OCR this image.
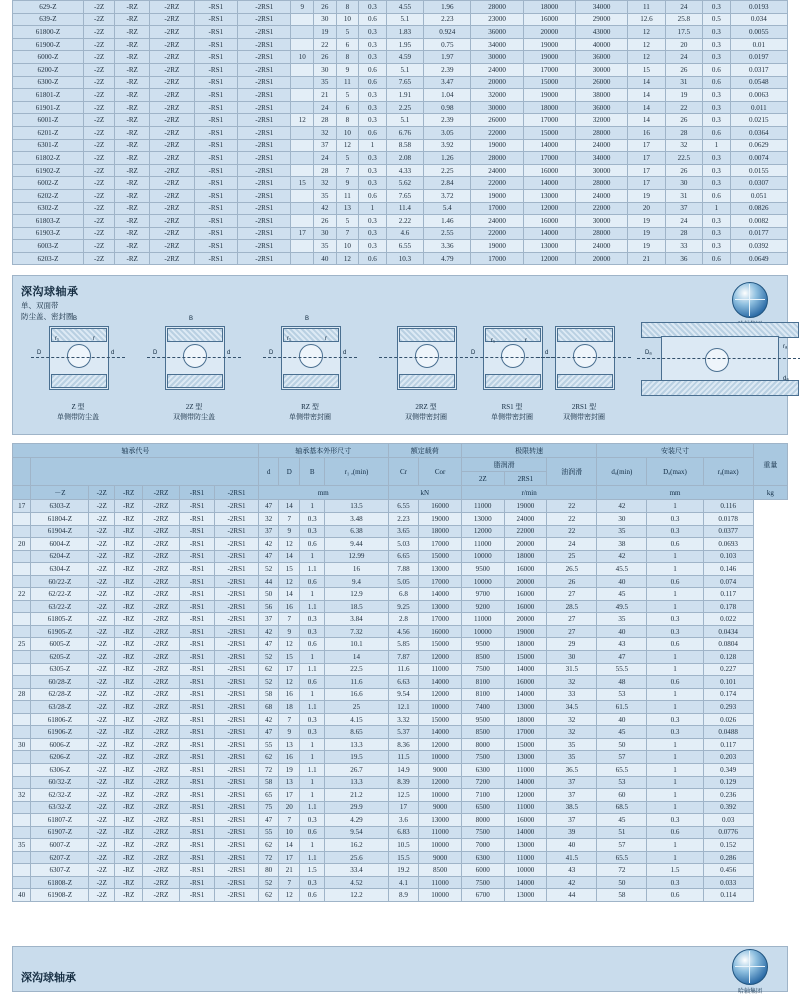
629-Z	-2Z	-RZ	-2RZ	-RS1	-2RS1	9	26	8	0.3	4.55	1.96	28000	18000	34000	11	24	0.3	0.0193
639-Z	-2Z	-RZ	-2RZ	-RS1	-2RS1		30	10	0.6	5.1	2.23	23000	16000	29000	12.6	25.8	0.5	0.034
61800-Z	-2Z	-RZ	-2RZ	-RS1	-2RS1		19	5	0.3	1.83	0.924	36000	20000	43000	12	17.5	0.3	0.0055
61900-Z	-2Z	-RZ	-2RZ	-RS1	-2RS1		22	6	0.3	1.95	0.75	34000	19000	40000	12	20	0.3	0.01
6000-Z	-2Z	-RZ	-2RZ	-RS1	-2RS1	10	26	8	0.3	4.59	1.97	30000	19000	36000	12	24	0.3	0.0197
6200-Z	-2Z	-RZ	-2RZ	-RS1	-2RS1		30	9	0.6	5.1	2.39	24000	17000	30000	15	26	0.6	0.0317
6300-Z	-2Z	-RZ	-2RZ	-RS1	-2RS1		35	11	0.6	7.65	3.47	20000	15000	26000	14	31	0.6	0.0548
61801-Z	-2Z	-RZ	-2RZ	-RS1	-2RS1		21	5	0.3	1.91	1.04	32000	19000	38000	14	19	0.3	0.0063
61901-Z	-2Z	-RZ	-2RZ	-RS1	-2RS1		24	6	0.3	2.25	0.98	30000	18000	36000	14	22	0.3	0.011
6001-Z	-2Z	-RZ	-2RZ	-RS1	-2RS1	12	28	8	0.3	5.1	2.39	26000	17000	32000	14	26	0.3	0.0215
6201-Z	-2Z	-RZ	-2RZ	-RS1	-2RS1		32	10	0.6	6.76	3.05	22000	15000	28000	16	28	0.6	0.0364
6301-Z	-2Z	-RZ	-2RZ	-RS1	-2RS1		37	12	1	8.58	3.92	19000	14000	24000	17	32	1	0.0629
61802-Z	-2Z	-RZ	-2RZ	-RS1	-2RS1		24	5	0.3	2.08	1.26	28000	17000	34000	17	22.5	0.3	0.0074
61902-Z	-2Z	-RZ	-2RZ	-RS1	-2RS1		28	7	0.3	4.33	2.25	24000	16000	30000	17	26	0.3	0.0155
6002-Z	-2Z	-RZ	-2RZ	-RS1	-2RS1	15	32	9	0.3	5.62	2.84	22000	14000	28000	17	30	0.3	0.0307
6202-Z	-2Z	-RZ	-2RZ	-RS1	-2RS1		35	11	0.6	7.65	3.72	19000	13000	24000	19	31	0.6	0.051
6302-Z	-2Z	-RZ	-2RZ	-RS1	-2RS1		42	13	1	11.4	5.4	17000	12000	22000	20	37	1	0.0826
61803-Z	-2Z	-RZ	-2RZ	-RS1	-2RS1		26	5	0.3	2.22	1.46	24000	16000	30000	19	24	0.3	0.0082
61903-Z	-2Z	-RZ	-2RZ	-RS1	-2RS1	17	30	7	0.3	4.6	2.55	22000	14000	28000	19	28	0.3	0.0177
6003-Z	-2Z	-RZ	-2RZ	-RS1	-2RS1		35	10	0.3	6.55	3.36	19000	13000	24000	19	33	0.3	0.0392
6203-Z	-2Z	-RZ	-2RZ	-RS1	-2RS1		40	12	0.6	10.3	4.79	17000	12000	20000	21	36	0.6	0.0649
深沟球轴承
单、双面带
防尘盖、密封圈 B
D	d
r₁	r
Z 型
单侧带防尘盖
B
D	d
2Z 型
双侧带防尘盖
B
D	d
r₁	r
RZ 型
单侧带密封圈
2RZ 型
双侧带密封圈
D	d
r₁	r
RS1 型
单侧带密封圈
2RS1 型
双侧带密封圈
Dₐ
rₐ
dₐ
轴承代号							轴承基本外形尺寸				额定载荷		极限转速			安装尺寸			重量
							d	D	B	r₁ ,(min)	Cr	Cor	脂润滑		油润滑	dₐ(min)	Dₐ(max)	rₐ(max)	
													2Z	2RS1					
	－Z	-2Z	-RZ	-2RZ	-RS1	-2RS1	mm				kN		r/min			mm			kg
17	6303-Z	-2Z	-RZ	-2RZ	-RS1	-2RS1	47	14	1	13.5	6.55	16000	11000	19000	22	42	1	0.116	
	61804-Z	-2Z	-RZ	-2RZ	-RS1	-2RS1	32	7	0.3	3.48	2.23	19000	13000	24000	22	30	0.3	0.0178	
	61904-Z	-2Z	-RZ	-2RZ	-RS1	-2RS1	37	9	0.3	6.38	3.65	18000	12000	22000	22	35	0.3	0.0377	
20	6004-Z	-2Z	-RZ	-2RZ	-RS1	-2RS1	42	12	0.6	9.44	5.03	17000	11000	20000	24	38	0.6	0.0693	
	6204-Z	-2Z	-RZ	-2RZ	-RS1	-2RS1	47	14	1	12.99	6.65	15000	10000	18000	25	42	1	0.103	
	6304-Z	-2Z	-RZ	-2RZ	-RS1	-2RS1	52	15	1.1	16	7.88	13000	9500	16000	26.5	45.5	1	0.146	
	60/22-Z	-2Z	-RZ	-2RZ	-RS1	-2RS1	44	12	0.6	9.4	5.05	17000	10000	20000	26	40	0.6	0.074	
22	62/22-Z	-2Z	-RZ	-2RZ	-RS1	-2RS1	50	14	1	12.9	6.8	14000	9700	16000	27	45	1	0.117	
	63/22-Z	-2Z	-RZ	-2RZ	-RS1	-2RS1	56	16	1.1	18.5	9.25	13000	9200	16000	28.5	49.5	1	0.178	
	61805-Z	-2Z	-RZ	-2RZ	-RS1	-2RS1	37	7	0.3	3.84	2.8	17000	11000	20000	27	35	0.3	0.022	
	61905-Z	-2Z	-RZ	-2RZ	-RS1	-2RS1	42	9	0.3	7.32	4.56	16000	10000	19000	27	40	0.3	0.0434	
25	6005-Z	-2Z	-RZ	-2RZ	-RS1	-2RS1	47	12	0.6	10.1	5.85	15000	9500	18000	29	43	0.6	0.0804	
	6205-Z	-2Z	-RZ	-2RZ	-RS1	-2RS1	52	15	1	14	7.87	12000	8500	15000	30	47	1	0.128	
	6305-Z	-2Z	-RZ	-2RZ	-RS1	-2RS1	62	17	1.1	22.5	11.6	11000	7500	14000	31.5	55.5	1	0.227	
	60/28-Z	-2Z	-RZ	-2RZ	-RS1	-2RS1	52	12	0.6	11.6	6.63	14000	8100	16000	32	48	0.6	0.101	
28	62/28-Z	-2Z	-RZ	-2RZ	-RS1	-2RS1	58	16	1	16.6	9.54	12000	8100	14000	33	53	1	0.174	
	63/28-Z	-2Z	-RZ	-2RZ	-RS1	-2RS1	68	18	1.1	25	12.1	10000	7400	13000	34.5	61.5	1	0.293	
	61806-Z	-2Z	-RZ	-2RZ	-RS1	-2RS1	42	7	0.3	4.15	3.32	15000	9500	18000	32	40	0.3	0.026	
	61906-Z	-2Z	-RZ	-2RZ	-RS1	-2RS1	47	9	0.3	8.65	5.37	14000	8500	17000	32	45	0.3	0.0488	
30	6006-Z	-2Z	-RZ	-2RZ	-RS1	-2RS1	55	13	1	13.3	8.36	12000	8000	15000	35	50	1	0.117	
	6206-Z	-2Z	-RZ	-2RZ	-RS1	-2RS1	62	16	1	19.5	11.5	10000	7500	13000	35	57	1	0.203	
	6306-Z	-2Z	-RZ	-2RZ	-RS1	-2RS1	72	19	1.1	26.7	14.9	9000	6300	11000	36.5	65.5	1	0.349	
	60/32-Z	-2Z	-RZ	-2RZ	-RS1	-2RS1	58	13	1	13.3	8.39	12000	7200	14000	37	53	1	0.129	
32	62/32-Z	-2Z	-RZ	-2RZ	-RS1	-2RS1	65	17	1	21.2	12.5	10000	7100	12000	37	60	1	0.236	
	63/32-Z	-2Z	-RZ	-2RZ	-RS1	-2RS1	75	20	1.1	29.9	17	9000	6500	11000	38.5	68.5	1	0.392	
	61807-Z	-2Z	-RZ	-2RZ	-RS1	-2RS1	47	7	0.3	4.29	3.6	13000	8000	16000	37	45	0.3	0.03	
	61907-Z	-2Z	-RZ	-2RZ	-RS1	-2RS1	55	10	0.6	9.54	6.83	11000	7500	14000	39	51	0.6	0.0776	
35	6007-Z	-2Z	-RZ	-2RZ	-RS1	-2RS1	62	14	1	16.2	10.5	10000	7000	13000	40	57	1	0.152	
	6207-Z	-2Z	-RZ	-2RZ	-RS1	-2RS1	72	17	1.1	25.6	15.5	9000	6300	11000	41.5	65.5	1	0.286	
	6307-Z	-2Z	-RZ	-2RZ	-RS1	-2RS1	80	21	1.5	33.4	19.2	8500	6000	10000	43	72	1.5	0.456	
	61808-Z	-2Z	-RZ	-2RZ	-RS1	-2RS1	52	7	0.3	4.52	4.1	11000	7500	14000	42	50	0.3	0.033	
40	61908-Z	-2Z	-RZ	-2RZ	-RS1	-2RS1	62	12	0.6	12.2	8.9	10000	6700	13000	44	58	0.6	0.114	
深沟球轴承
哈轴集团
